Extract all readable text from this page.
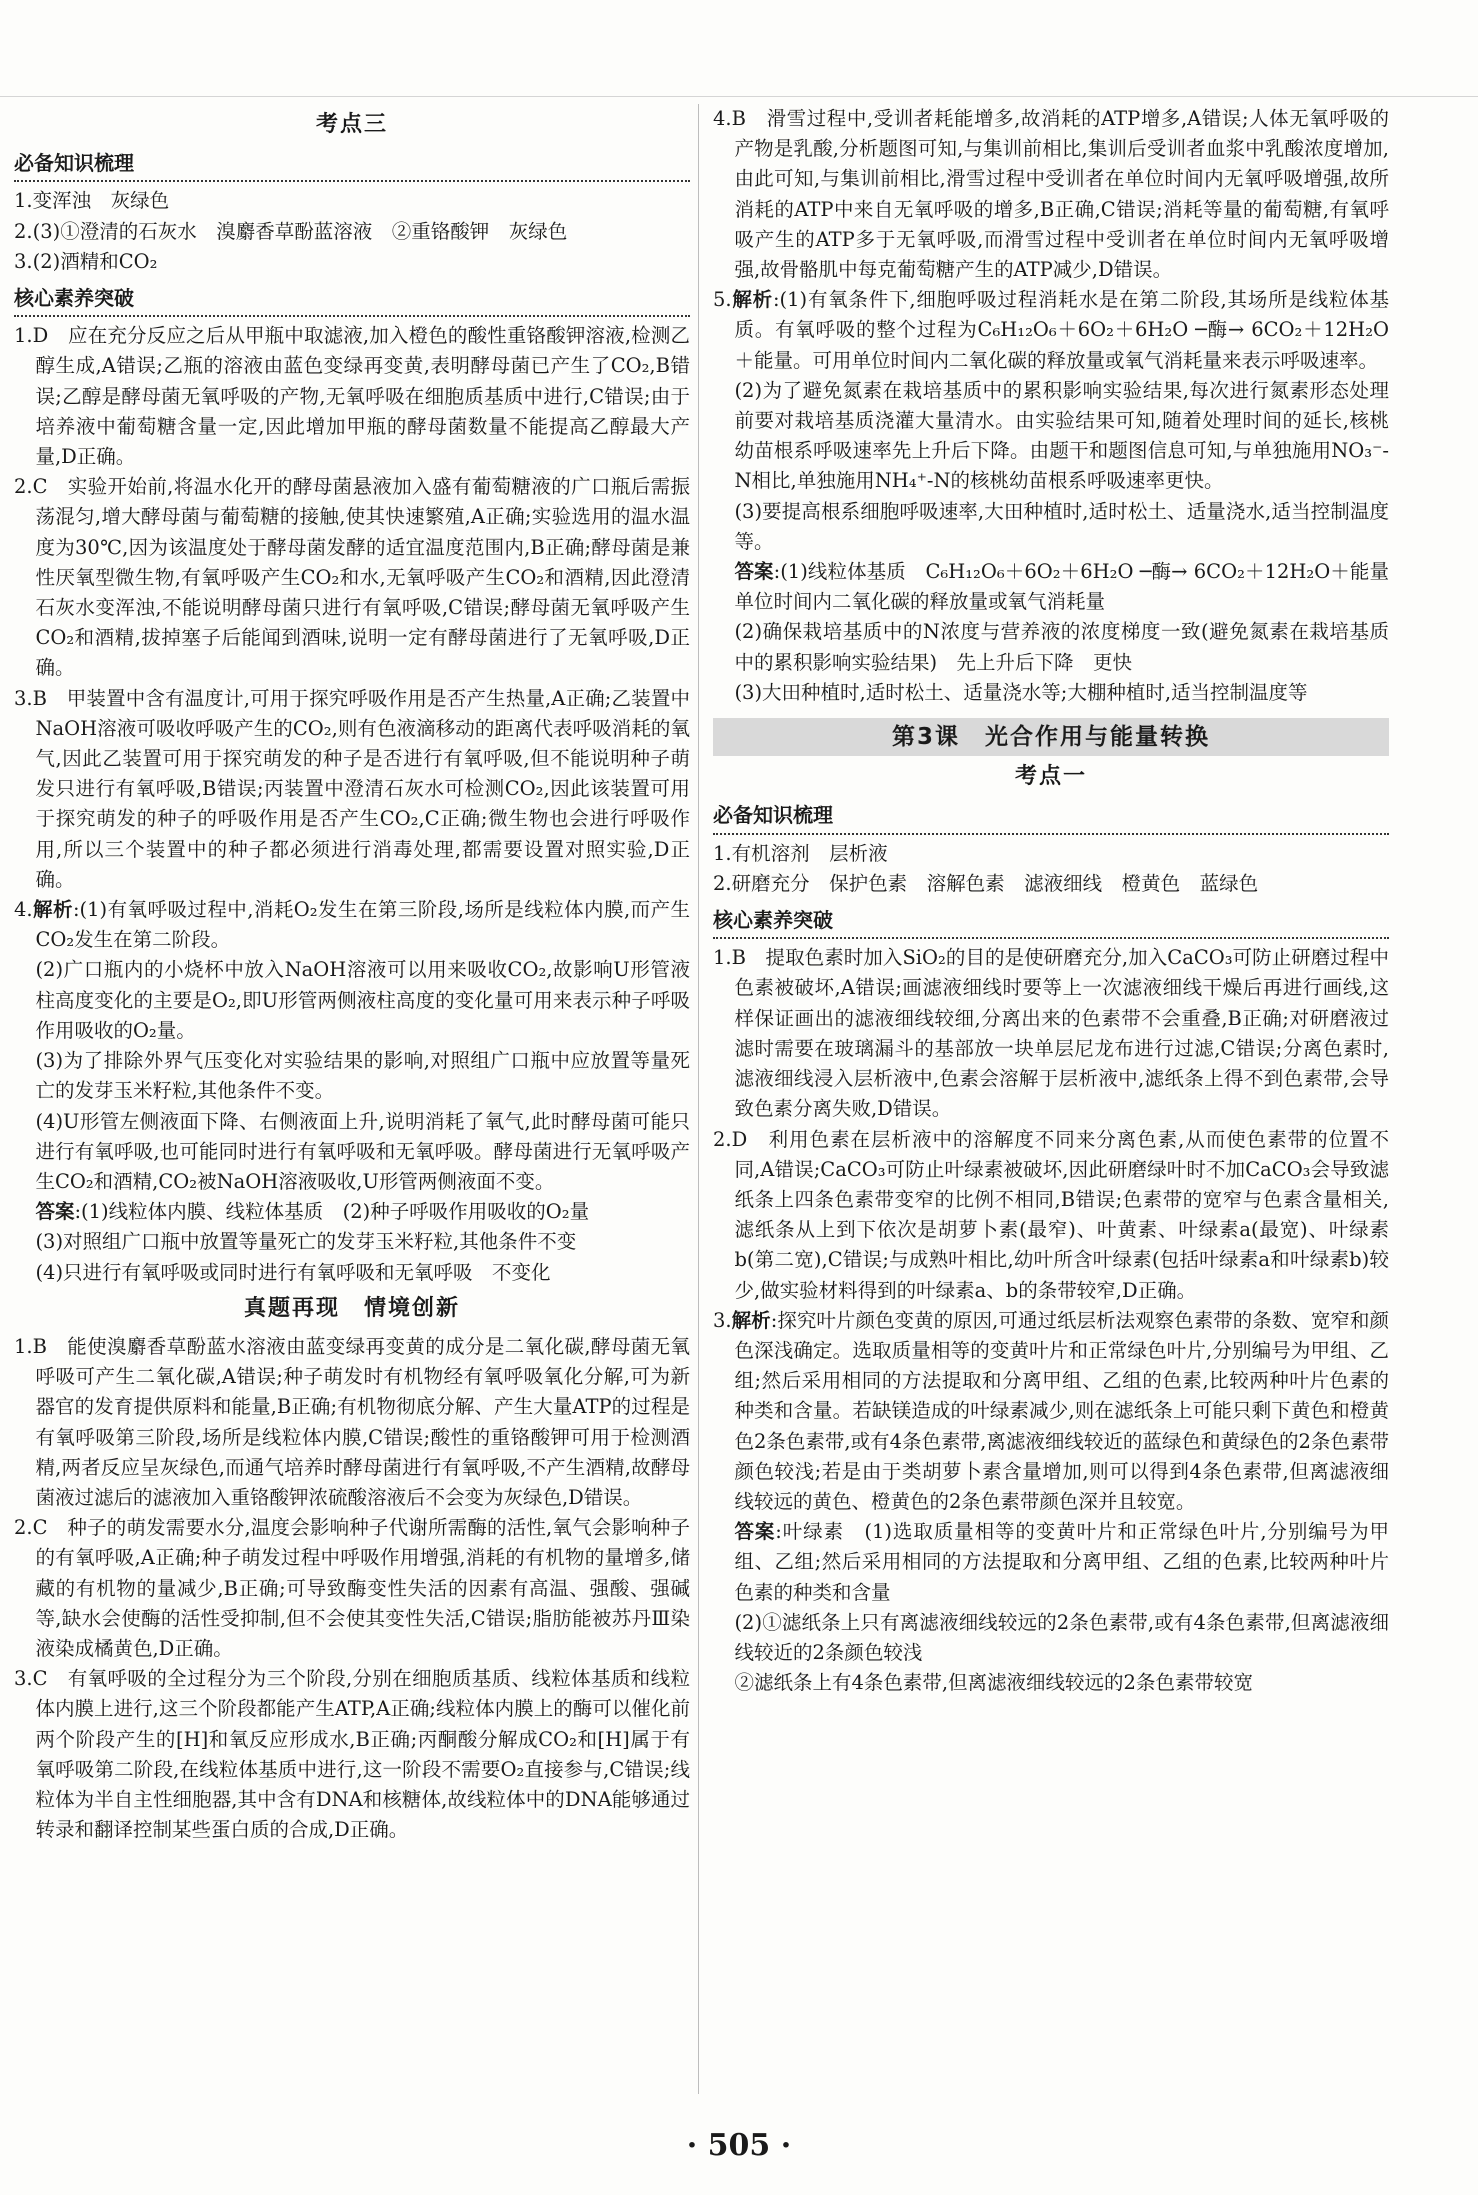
考点三
必备知识梳理

1.变浑浊　灰绿色

2.(3)①澄清的石灰水　溴麝香草酚蓝溶液　②重铬酸钾　灰绿色

3.(2)酒精和CO₂

核心素养突破

1.D　应在充分反应之后从甲瓶中取滤液,加入橙色的酸性重铬酸钾溶液,检测乙醇生成,A错误;乙瓶的溶液由蓝色变绿再变黄,表明酵母菌已产生了CO₂,B错误;乙醇是酵母菌无氧呼吸的产物,无氧呼吸在细胞质基质中进行,C错误;由于培养液中葡萄糖含量一定,因此增加甲瓶的酵母菌数量不能提高乙醇最大产量,D正确。

2.C　实验开始前,将温水化开的酵母菌悬液加入盛有葡萄糖液的广口瓶后需振荡混匀,增大酵母菌与葡萄糖的接触,使其快速繁殖,A正确;实验选用的温水温度为30℃,因为该温度处于酵母菌发酵的适宜温度范围内,B正确;酵母菌是兼性厌氧型微生物,有氧呼吸产生CO₂和水,无氧呼吸产生CO₂和酒精,因此澄清石灰水变浑浊,不能说明酵母菌只进行有氧呼吸,C错误;酵母菌无氧呼吸产生CO₂和酒精,拔掉塞子后能闻到酒味,说明一定有酵母菌进行了无氧呼吸,D正确。

3.B　甲装置中含有温度计,可用于探究呼吸作用是否产生热量,A正确;乙装置中NaOH溶液可吸收呼吸产生的CO₂,则有色液滴移动的距离代表呼吸消耗的氧气,因此乙装置可用于探究萌发的种子是否进行有氧呼吸,但不能说明种子萌发只进行有氧呼吸,B错误;丙装置中澄清石灰水可检测CO₂,因此该装置可用于探究萌发的种子的呼吸作用是否产生CO₂,C正确;微生物也会进行呼吸作用,所以三个装置中的种子都必须进行消毒处理,都需要设置对照实验,D正确。

4.解析:(1)有氧呼吸过程中,消耗O₂发生在第三阶段,场所是线粒体内膜,而产生CO₂发生在第二阶段。

(2)广口瓶内的小烧杯中放入NaOH溶液可以用来吸收CO₂,故影响U形管液柱高度变化的主要是O₂,即U形管两侧液柱高度的变化量可用来表示种子呼吸作用吸收的O₂量。

(3)为了排除外界气压变化对实验结果的影响,对照组广口瓶中应放置等量死亡的发芽玉米籽粒,其他条件不变。

(4)U形管左侧液面下降、右侧液面上升,说明消耗了氧气,此时酵母菌可能只进行有氧呼吸,也可能同时进行有氧呼吸和无氧呼吸。酵母菌进行无氧呼吸产生CO₂和酒精,CO₂被NaOH溶液吸收,U形管两侧液面不变。

答案:(1)线粒体内膜、线粒体基质　(2)种子呼吸作用吸收的O₂量

(3)对照组广口瓶中放置等量死亡的发芽玉米籽粒,其他条件不变

(4)只进行有氧呼吸或同时进行有氧呼吸和无氧呼吸　不变化

真题再现　情境创新

1.B　能使溴麝香草酚蓝水溶液由蓝变绿再变黄的成分是二氧化碳,酵母菌无氧呼吸可产生二氧化碳,A错误;种子萌发时有机物经有氧呼吸氧化分解,可为新器官的发育提供原料和能量,B正确;有机物彻底分解、产生大量ATP的过程是有氧呼吸第三阶段,场所是线粒体内膜,C错误;酸性的重铬酸钾可用于检测酒精,两者反应呈灰绿色,而通气培养时酵母菌进行有氧呼吸,不产生酒精,故酵母菌液过滤后的滤液加入重铬酸钾浓硫酸溶液后不会变为灰绿色,D错误。

2.C　种子的萌发需要水分,温度会影响种子代谢所需酶的活性,氧气会影响种子的有氧呼吸,A正确;种子萌发过程中呼吸作用增强,消耗的有机物的量增多,储藏的有机物的量减少,B正确;可导致酶变性失活的因素有高温、强酸、强碱等,缺水会使酶的活性受抑制,但不会使其变性失活,C错误;脂肪能被苏丹Ⅲ染液染成橘黄色,D正确。

3.C　有氧呼吸的全过程分为三个阶段,分别在细胞质基质、线粒体基质和线粒体内膜上进行,这三个阶段都能产生ATP,A正确;线粒体内膜上的酶可以催化前两个阶段产生的[H]和氧反应形成水,B正确;丙酮酸分解成CO₂和[H]属于有氧呼吸第二阶段,在线粒体基质中进行,这一阶段不需要O₂直接参与,C错误;线粒体为半自主性细胞器,其中含有DNA和核糖体,故线粒体中的DNA能够通过转录和翻译控制某些蛋白质的合成,D正确。

4.B　滑雪过程中,受训者耗能增多,故消耗的ATP增多,A错误;人体无氧呼吸的产物是乳酸,分析题图可知,与集训前相比,集训后受训者血浆中乳酸浓度增加,由此可知,与集训前相比,滑雪过程中受训者在单位时间内无氧呼吸增强,故所消耗的ATP中来自无氧呼吸的增多,B正确,C错误;消耗等量的葡萄糖,有氧呼吸产生的ATP多于无氧呼吸,而滑雪过程中受训者在单位时间内无氧呼吸增强,故骨骼肌中每克葡萄糖产生的ATP减少,D错误。

5.解析:(1)有氧条件下,细胞呼吸过程消耗水是在第二阶段,其场所是线粒体基质。有氧呼吸的整个过程为C₆H₁₂O₆＋6O₂＋6H₂O ─酶→ 6CO₂＋12H₂O＋能量。可用单位时间内二氧化碳的释放量或氧气消耗量来表示呼吸速率。

(2)为了避免氮素在栽培基质中的累积影响实验结果,每次进行氮素形态处理前要对栽培基质浇灌大量清水。由实验结果可知,随着处理时间的延长,核桃幼苗根系呼吸速率先上升后下降。由题干和题图信息可知,与单独施用NO₃⁻-N相比,单独施用NH₄⁺-N的核桃幼苗根系呼吸速率更快。

(3)要提高根系细胞呼吸速率,大田种植时,适时松土、适量浇水,适当控制温度等。

答案:(1)线粒体基质　C₆H₁₂O₆＋6O₂＋6H₂O ─酶→ 6CO₂＋12H₂O＋能量　单位时间内二氧化碳的释放量或氧气消耗量

(2)确保栽培基质中的N浓度与营养液的浓度梯度一致(避免氮素在栽培基质中的累积影响实验结果)　先上升后下降　更快

(3)大田种植时,适时松土、适量浇水等;大棚种植时,适当控制温度等

第3课　光合作用与能量转换
考点一
必备知识梳理

1.有机溶剂　层析液

2.研磨充分　保护色素　溶解色素　滤液细线　橙黄色　蓝绿色

核心素养突破

1.B　提取色素时加入SiO₂的目的是使研磨充分,加入CaCO₃可防止研磨过程中色素被破坏,A错误;画滤液细线时要等上一次滤液细线干燥后再进行画线,这样保证画出的滤液细线较细,分离出来的色素带不会重叠,B正确;对研磨液过滤时需要在玻璃漏斗的基部放一块单层尼龙布进行过滤,C错误;分离色素时,滤液细线浸入层析液中,色素会溶解于层析液中,滤纸条上得不到色素带,会导致色素分离失败,D错误。

2.D　利用色素在层析液中的溶解度不同来分离色素,从而使色素带的位置不同,A错误;CaCO₃可防止叶绿素被破坏,因此研磨绿叶时不加CaCO₃会导致滤纸条上四条色素带变窄的比例不相同,B错误;色素带的宽窄与色素含量相关,滤纸条从上到下依次是胡萝卜素(最窄)、叶黄素、叶绿素a(最宽)、叶绿素b(第二宽),C错误;与成熟叶相比,幼叶所含叶绿素(包括叶绿素a和叶绿素b)较少,做实验材料得到的叶绿素a、b的条带较窄,D正确。

3.解析:探究叶片颜色变黄的原因,可通过纸层析法观察色素带的条数、宽窄和颜色深浅确定。选取质量相等的变黄叶片和正常绿色叶片,分别编号为甲组、乙组;然后采用相同的方法提取和分离甲组、乙组的色素,比较两种叶片色素的种类和含量。若缺镁造成的叶绿素减少,则在滤纸条上可能只剩下黄色和橙黄色2条色素带,或有4条色素带,离滤液细线较近的蓝绿色和黄绿色的2条色素带颜色较浅;若是由于类胡萝卜素含量增加,则可以得到4条色素带,但离滤液细线较远的黄色、橙黄色的2条色素带颜色深并且较宽。

答案:叶绿素　(1)选取质量相等的变黄叶片和正常绿色叶片,分别编号为甲组、乙组;然后采用相同的方法提取和分离甲组、乙组的色素,比较两种叶片色素的种类和含量

(2)①滤纸条上只有离滤液细线较远的2条色素带,或有4条色素带,但离滤液细线较近的2条颜色较浅

②滤纸条上有4条色素带,但离滤液细线较远的2条色素带较宽

· 505 ·
